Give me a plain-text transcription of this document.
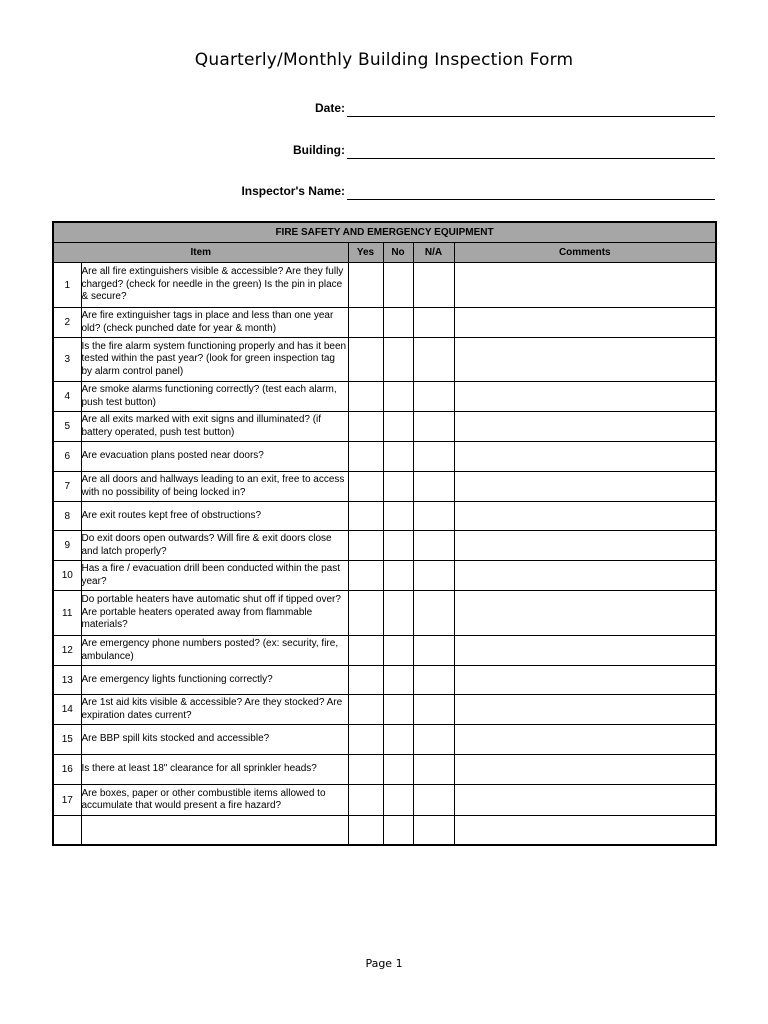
Quarterly/Monthly Building Inspection Form
Date:
Building:
Inspector's Name:
FIRE SAFETY AND EMERGENCY EQUIPMENT					
Item		Yes	No	N/A	Comments
1	Are all fire extinguishers visible & accessible? Are they fully charged? (check for needle in the green) Is the pin in place & secure?				

2	Are fire extinguisher tags in place and less than one year old? (check punched date for year & month)				

3	Is the fire alarm system functioning properly and has it been tested within the past year? (look for green inspection tag by alarm control panel)				

4	Are smoke alarms functioning correctly? (test each alarm, push test button)				

5	Are all exits marked with exit signs and illuminated? (if battery operated, push test button)				

6	Are evacuation plans posted near doors?				

7	Are all doors and hallways leading to an exit, free to access with no possibility of being locked in?				

8	Are exit routes kept free of obstructions?				

9	Do exit doors open outwards? Will fire & exit doors close and latch properly?				

10	Has a fire / evacuation drill been conducted within the past year?				

11	Do portable heaters have automatic shut off if tipped over? Are portable heaters operated away from flammable materials?				

12	Are emergency phone numbers posted? (ex: security, fire, ambulance)				

13	Are emergency lights functioning correctly?				

14	Are 1st aid kits visible & accessible? Are they stocked? Are expiration dates current?				

15	Are BBP spill kits stocked and accessible?				

16	Is there at least 18" clearance for all sprinkler heads?				

17	Are boxes, paper or other combustible items allowed to accumulate that would present a fire hazard?				

Page 1
